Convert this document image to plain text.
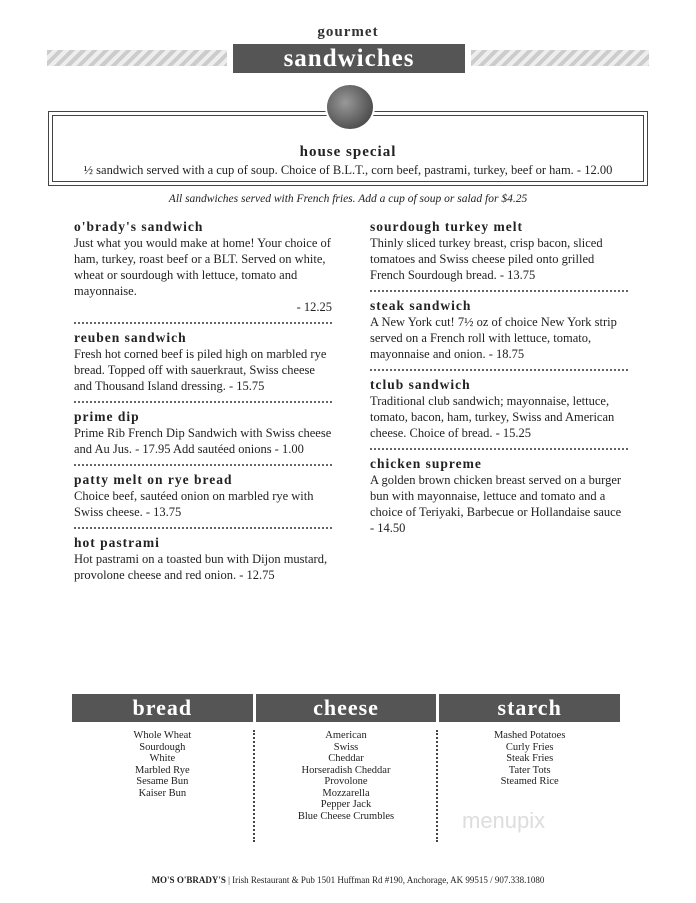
gourmet
sandwiches
house special

½ sandwich served with a cup of soup. Choice of B.L.T., corn beef, pastrami, turkey, beef or ham. - 12.00

All sandwiches served with French fries. Add a cup of soup or salad for $4.25
o'brady's sandwich

Just what you would make at home! Your choice of ham, turkey, roast beef or a BLT. Served on white, wheat or sourdough with lettuce, tomato and mayonnaise.

- 12.25

reuben sandwich

Fresh hot corned beef is piled high on marbled rye bread. Topped off with sauerkraut, Swiss cheese and Thousand Island dressing. - 15.75

prime dip

Prime Rib French Dip Sandwich with Swiss cheese and Au Jus. - 17.95 Add sautéed onions - 1.00

patty melt on rye bread

Choice beef, sautéed onion on marbled rye with Swiss cheese. - 13.75

hot pastrami

Hot pastrami on a toasted bun with Dijon mustard, provolone cheese and red onion. - 12.75

sourdough turkey melt

Thinly sliced turkey breast, crisp bacon, sliced tomatoes and Swiss cheese piled onto grilled French Sourdough bread. - 13.75

steak sandwich

A New York cut! 7½ oz of choice New York strip served on a French roll with lettuce, tomato, mayonnaise and onion. - 18.75

tclub sandwich

Traditional club sandwich; mayonnaise, lettuce, tomato, bacon, ham, turkey, Swiss and American cheese. Choice of bread. - 15.25

chicken supreme

A golden brown chicken breast served on a burger bun with mayonnaise, lettuce and tomato and a choice of Teriyaki, Barbecue or Hollandaise sauce - 14.50

bread
Whole Wheat
Sourdough
White
Marbled Rye
Sesame Bun
Kaiser Bun
cheese
American
Swiss
Cheddar
Horseradish Cheddar
Provolone
Mozzarella
Pepper Jack
Blue Cheese Crumbles
starch
Mashed Potatoes
Curly Fries
Steak Fries
Tater Tots
Steamed Rice
menupix
MO'S O'BRADY'S | Irish Restaurant & Pub 1501 Huffman Rd #190, Anchorage, AK 99515 / 907.338.1080
